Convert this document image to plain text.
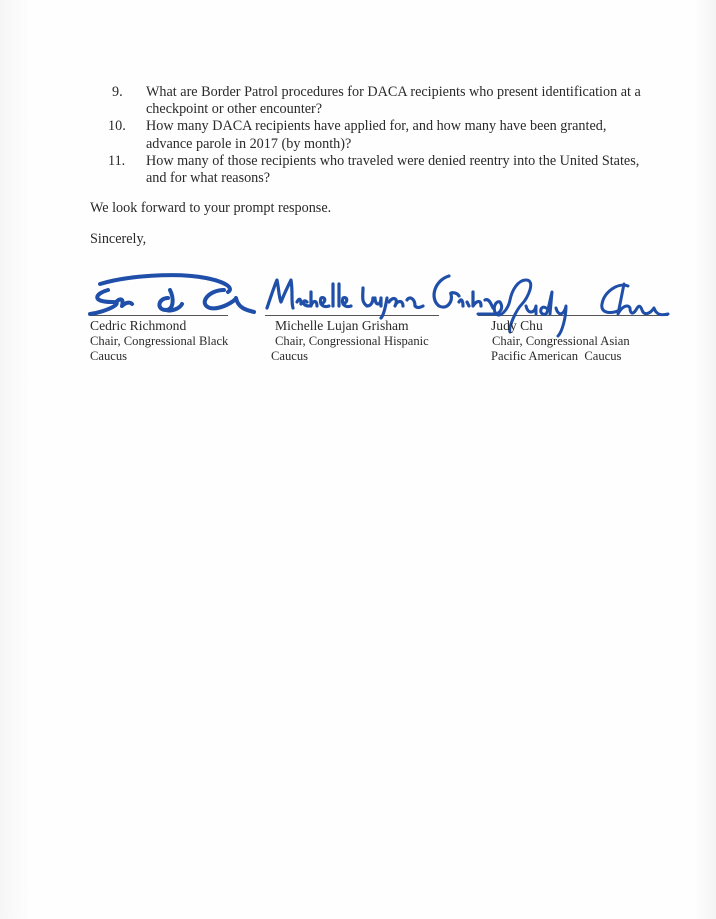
9.	What are Border Patrol procedures for DACA recipients who present identification at a
checkpoint or other encounter?
10.	How many DACA recipients have applied for, and how many have been granted,
advance parole in 2017 (by month)?
11.	How many of those recipients who traveled were denied reentry into the United States,
and for what reasons?
We look forward to your prompt response.
Sincerely,
Cedric Richmond
Chair, Congressional Black
Caucus
Michelle Lujan Grisham
Chair, Congressional Hispanic
Caucus
Judy Chu
Chair, Congressional Asian
Pacific American  Caucus
